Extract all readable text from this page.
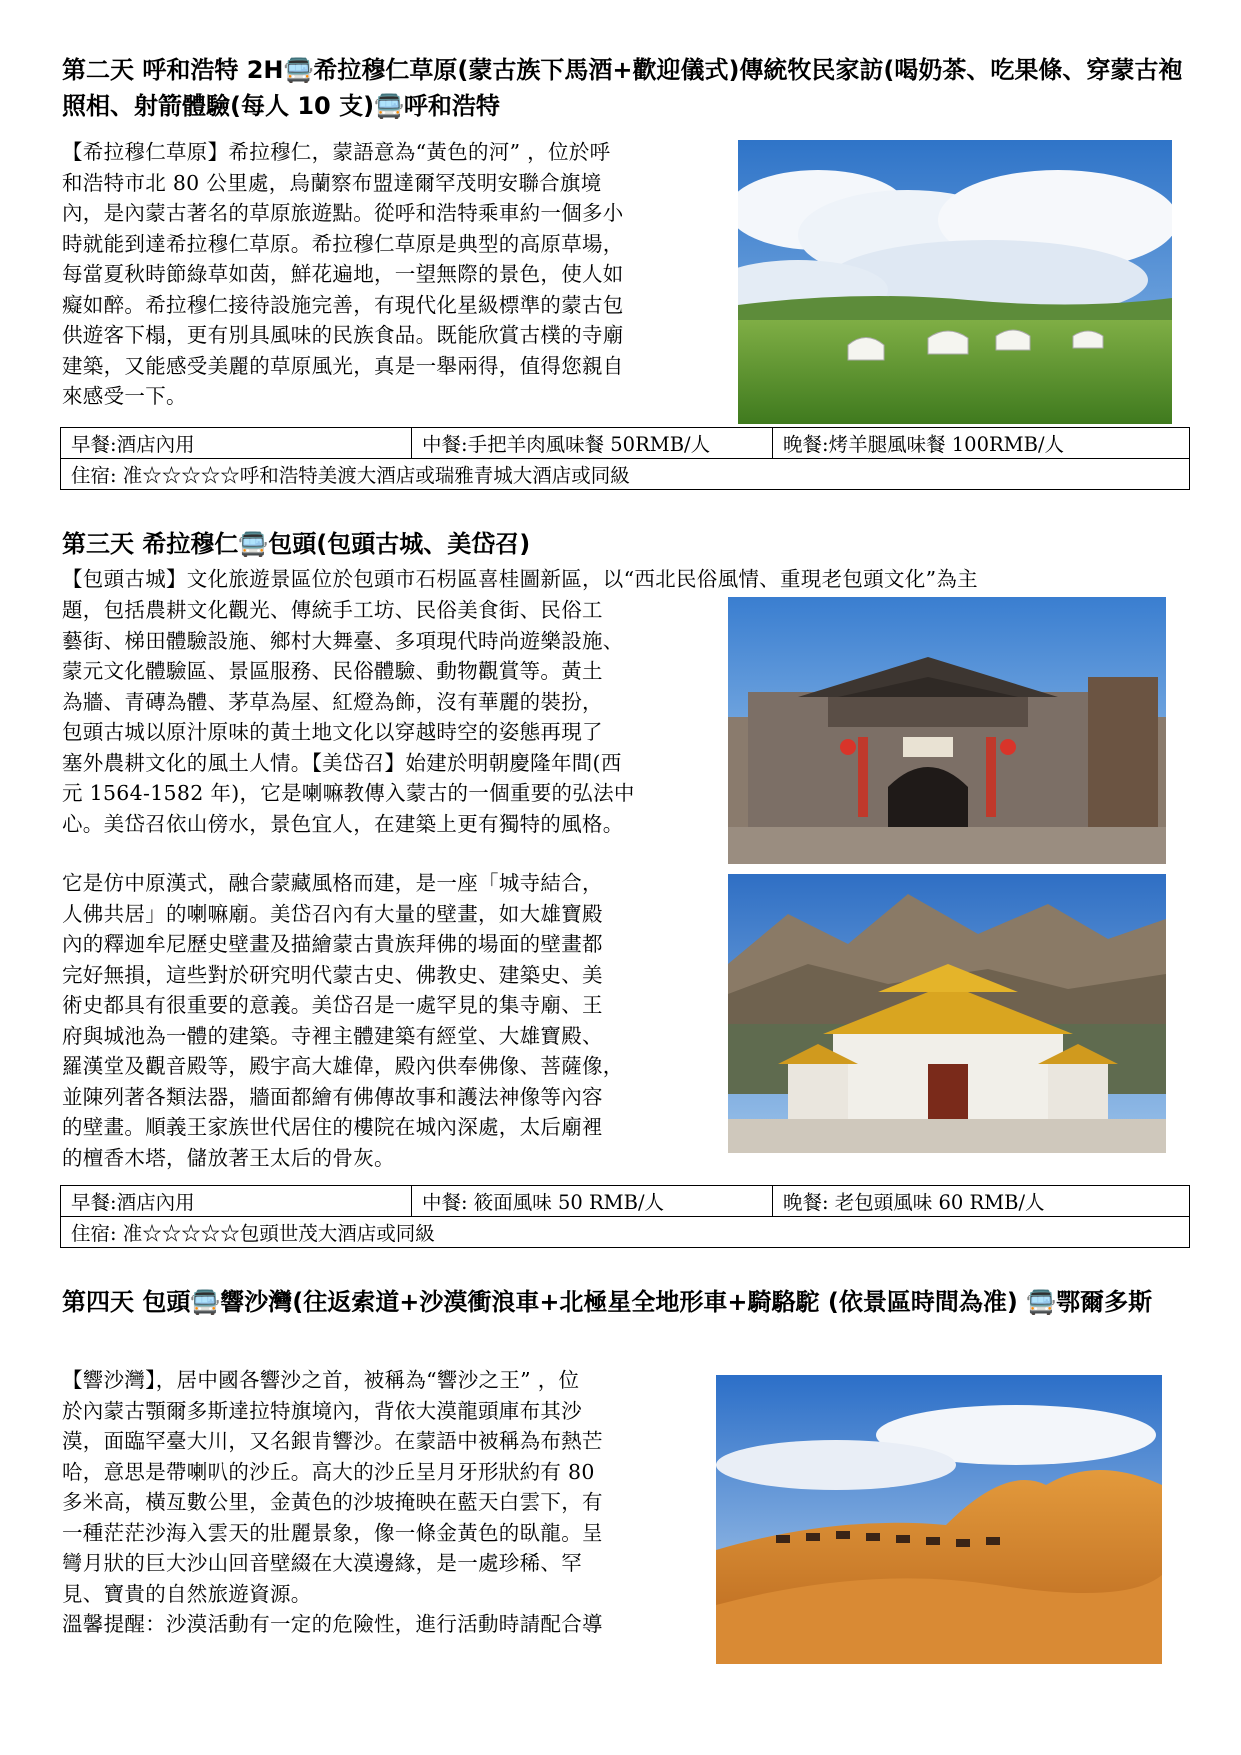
第二天 呼和浩特 2H🚍希拉穆仁草原(蒙古族下馬酒+歡迎儀式)傳統牧民家訪(喝奶茶、吃果條、穿蒙古袍照相、射箭體驗(每人 10 支)🚍呼和浩特
【希拉穆仁草原】希拉穆仁，蒙語意為“黃色的河” ，位於呼
和浩特市北 80 公里處，烏蘭察布盟達爾罕茂明安聯合旗境
內，是內蒙古著名的草原旅遊點。從呼和浩特乘車約一個多小
時就能到達希拉穆仁草原。希拉穆仁草原是典型的高原草場，
每當夏秋時節綠草如茵，鮮花遍地，一望無際的景色，使人如
癡如醉。希拉穆仁接待設施完善，有現代化星級標準的蒙古包
供遊客下榻，更有別具風味的民族食品。既能欣賞古樸的寺廟
建築，又能感受美麗的草原風光，真是一舉兩得，值得您親自
來感受一下。
早餐:酒店內用	中餐:手把羊肉風味餐 50RMB/人	晚餐:烤羊腿風味餐 100RMB/人
住宿: 准☆☆☆☆☆呼和浩特美渡大酒店或瑞雅青城大酒店或同級
第三天 希拉穆仁🚍包頭(包頭古城、美岱召)
【包頭古城】文化旅遊景區位於包頭市石枴區喜桂圖新區，以“西北民俗風情、重現老包頭文化”為主
題，包括農耕文化觀光、傳統手工坊、民俗美食街、民俗工
藝街、梯田體驗設施、鄉村大舞臺、多項現代時尚遊樂設施、
蒙元文化體驗區、景區服務、民俗體驗、動物觀賞等。黃土
為牆、青磚為體、茅草為屋、紅燈為飾，沒有華麗的裝扮，
包頭古城以原汁原味的黃土地文化以穿越時空的姿態再現了
塞外農耕文化的風土人情。【美岱召】始建於明朝慶隆年間(西
元 1564-1582 年)，它是喇嘛教傳入蒙古的一個重要的弘法中
心。美岱召依山傍水，景色宜人，在建築上更有獨特的風格。
它是仿中原漢式，融合蒙藏風格而建，是一座「城寺結合，
人佛共居」的喇嘛廟。美岱召內有大量的壁畫，如大雄寶殿
內的釋迦牟尼歷史壁畫及描繪蒙古貴族拜佛的場面的壁畫都
完好無損，這些對於研究明代蒙古史、佛教史、建築史、美
術史都具有很重要的意義。美岱召是一處罕見的集寺廟、王
府與城池為一體的建築。寺裡主體建築有經堂、大雄寶殿、
羅漢堂及觀音殿等，殿宇高大雄偉，殿內供奉佛像、菩薩像，
並陳列著各類法器，牆面都繪有佛傳故事和護法神像等內容
的壁畫。順義王家族世代居住的樓院在城內深處，太后廟裡
的檀香木塔，儲放著王太后的骨灰。
早餐:酒店內用	中餐: 筱面風味 50 RMB/人	晚餐: 老包頭風味 60 RMB/人
住宿: 准☆☆☆☆☆包頭世茂大酒店或同級
第四天 包頭🚍響沙灣(往返索道+沙漠衝浪車+北極星全地形車+騎駱駝 (依景區時間為准) 🚍鄂爾多斯
【響沙灣】，居中國各響沙之首，被稱為“響沙之王” ，位
於內蒙古顎爾多斯達拉特旗境內，背依大漠龍頭庫布其沙
漠，面臨罕臺大川，又名銀肯響沙。在蒙語中被稱為布熱芒
哈，意思是帶喇叭的沙丘。高大的沙丘呈月牙形狀約有 80
多米高，橫亙數公里，金黃色的沙坡掩映在藍天白雲下，有
一種茫茫沙海入雲天的壯麗景象，像一條金黃色的臥龍。呈
彎月狀的巨大沙山回音壁綴在大漠邊緣，是一處珍稀、罕
見、寶貴的自然旅遊資源。
溫馨提醒：沙漠活動有一定的危險性，進行活動時請配合導
